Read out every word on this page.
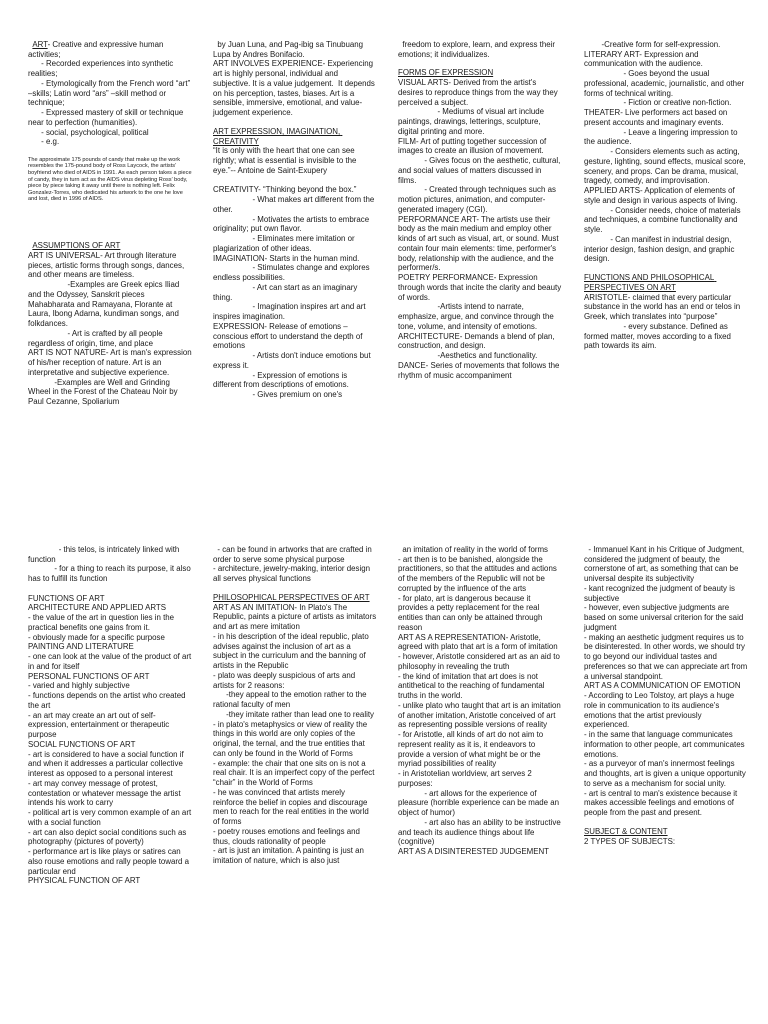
ART- Creative and expressive human activities;
- Recorded experiences into synthetic realities;
- Etymologically from the French word “art” –skills; Latin word “ars” –skill method or technique;
- Expressed mastery of skill or technique near to perfection (humanities).
- social, psychological, political
- e.g.

The approximate 175 pounds of candy that make up the work resembles the 175-pound body of Ross Laycock, the artists’ boyfriend who died of AIDS in 1991. As each person takes a piece of candy, they in turn act as the AIDS virus depleting Ross’ body, piece by piece taking it away until there is nothing left. Felix Gonzalez-Torres, who dedicated his artwork to the one he love and lost, died in 1996 of AIDS.

ASSUMPTIONS OF ART
ART IS UNIVERSAL- Art through literature pieces, artistic forms through songs, dances, and other means are timeless.
-Examples are Greek epics Iliad and the Odyssey, Sanskrit pieces Mahabharata and Ramayana, Florante at Laura, Ibong Adarna, kundiman songs, and folkdances.
- Art is crafted by all people regardless of origin, time, and place
ART IS NOT NATURE- Art is man's expression of his/her reception of nature. Art is an interpretative and subjective experience.
-Examples are Well and Grinding Wheel in the Forest of the Chateau Noir by Paul Cezanne, Spoliarium

by Juan Luna, and Pag-ibig sa Tinubuang Lupa by Andres Bonifacio.
ART INVOLVES EXPERIENCE- Experiencing art is highly personal, individual and subjective. It is a value judgement.  It depends on his perception, tastes, biases. Art is a sensible, immersive, emotional, and value-judgement experience.

ART EXPRESSION, IMAGINATION, CREATIVITY
“It is only with the heart that one can see rightly; what is essential is invisible to the eye.”-- Antoine de Saint-Exupery

CREATIVITY- “Thinking beyond the box.”
- What makes art different from the other.
- Motivates the artists to embrace originality; put own flavor.
- Eliminates mere imitation or plagiarization of other ideas.
IMAGINATION- Starts in the human mind.
- Stimulates change and explores endless possibilities.
- Art can start as an imaginary thing.
- Imagination inspires art and art inspires imagination.
EXPRESSION- Release of emotions – conscious effort to understand the depth of emotions
- Artists don't induce emotions but express it.
- Expression of emotions is different from descriptions of emotions.
- Gives premium on one's

freedom to explore, learn, and express their emotions; it individualizes.

FORMS OF EXPRESSION
VISUAL ARTS- Derived from the artist's desires to reproduce things from the way they perceived a subject.
- Mediums of visual art include paintings, drawings, letterings, sculpture, digital printing and more.
FILM- Art of putting together succession of images to create an illusion of movement.
- Gives focus on the aesthetic, cultural, and social values of matters discussed in films.
- Created through techniques such as motion pictures, animation, and computer-generated imagery (CGI).
PERFORMANCE ART- The artists use their body as the main medium and employ other kinds of art such as visual, art, or sound. Must contain four main elements: time, performer's body, relationship with the audience, and the performer/s.
POETRY PERFORMANCE- Expression through words that incite the clarity and beauty of words.
-Artists intend to narrate, emphasize, argue, and convince through the tone, volume, and intensity of emotions.
ARCHITECTURE- Demands a blend of plan, construction, and design.
-Aesthetics and functionality.
DANCE- Series of movements that follows the rhythm of music accompaniment

-Creative form for self-expression.
LITERARY ART- Expression and communication with the audience.
- Goes beyond the usual professional, academic, journalistic, and other forms of technical writing.
- Fiction or creative non-fiction.
THEATER- Live performers act based on present accounts and imaginary events.
- Leave a lingering impression to the audience.
- Considers elements such as acting, gesture, lighting, sound effects, musical score, scenery, and props. Can be drama, musical, tragedy, comedy, and improvisation.
APPLIED ARTS- Application of elements of style and design in various aspects of living.
- Consider needs, choice of materials and techniques, a combine functionality and style.
- Can manifest in industrial design, interior design, fashion design, and graphic design.

FUNCTIONS AND PHILOSOPHICAL PERSPECTIVES ON ART
ARISTOTLE- claimed that every particular substance in the world has an end or telos in Greek, which translates into “purpose”
- every substance. Defined as formed matter, moves according to a fixed path towards its aim.

- this telos, is intricately linked with function
- for a thing to reach its purpose, it also has to fulfill its function

FUNCTIONS OF ART
ARCHITECTURE AND APPLIED ARTS
- the value of the art in question lies in the practical benefits one gains from it.
- obviously made for a specific purpose
PAINTING AND LITERATURE
- one can look at the value of the product of art in and for itself
PERSONAL FUNCTIONS OF ART
- varied and highly subjective
- functions depends on the artist who created the art
- an art may create an art out of self-expression, entertainment or therapeutic purpose
SOCIAL FUNCTIONS OF ART
- art is considered to have a social function if and when it addresses a particular collective interest as opposed to a personal interest
- art may convey message of protest, contestation or whatever message the artist intends his work to carry
- political art is very common example of an art with a social function
- art can also depict social conditions such as photography (pictures of poverty)
- performance art is like plays or satires can also rouse emotions and rally people toward a particular end
PHYSICAL FUNCTION OF ART

- can be found in artworks that are crafted in order to serve some physical purpose
- architecture, jewelry-making, interior design all serves physical functions

PHILOSOPHICAL PERSPECTIVES OF ART
ART AS AN IMITATION- In Plato's The Republic, paints a picture of artists as imitators and art as mere imitation
- in his description of the ideal republic, plato advises against the inclusion of art as a subject in the curriculum and the banning of artists in the Republic
- plato was deeply suspicious of arts and artists for 2 reasons:
-they appeal to the emotion rather to the rational faculty of men
-they imitate rather than lead one to reality
- in plato's metaphysics or view of reality the things in this world are only copies of the original, the ternal, and the true entities that can only be found in the World of Forms
- example: the chair that one sits on is not a real chair. It is an imperfect copy of the perfect “chair” in the World of Forms
- he was convinced that artists merely reinforce the belief in copies and discourage men to reach for the real entities in the world of forms
- poetry rouses emotions and feelings and thus, clouds rationality of people
- art is just an imitation. A painting is just an imitation of nature, which is also just

an imitation of reality in the world of forms
- art then is to be banished, alongside the practitioners, so that the attitudes and actions of the members of the Republic will not be corrupted by the influence of the arts
- for plato, art is dangerous because it provides a petty replacement for the real entities than can only be attained through reason
ART AS A REPRESENTATION- Aristotle, agreed with plato that art is a form of imitation
- however, Aristotle considered art as an aid to philosophy in revealing the truth
- the kind of imitation that art does is not antithetical to the reaching of fundamental truths in the world.
- unlike plato who taught that art is an imitation of another imitation, Aristotle conceived of art as representing possible versions of reality
- for Aristotle, all kinds of art do not aim to represent reality as it is, it endeavors to provide a version of what might be or the myriad possibilities of reality
- in Aristotelian worldview, art serves 2 purposes:
- art allows for the experience of pleasure (horrible experience can be made an object of humor)
- art also has an ability to be instructive and teach its audience things about life (cognitive)
ART AS A DISINTERESTED JUDGEMENT

- Immanuel Kant in his Critique of Judgment, considered the judgment of beauty, the cornerstone of art, as something that can be universal despite its subjectivity
- kant recognized the judgment of beauty is subjective
- however, even subjective judgments are based on some universal criterion for the said judgment
- making an aesthetic judgment requires us to be disinterested. In other words, we should try to go beyond our individual tastes and preferences so that we can appreciate art from a universal standpoint.
ART AS A COMMUNICATION OF EMOTION
- According to Leo Tolstoy, art plays a huge role in communication to its audience's emotions that the artist previously experienced.
- in the same that language communicates information to other people, art communicates emotions.
- as a purveyor of man's innermost feelings and thoughts, art is given a unique opportunity to serve as a mechanism for social unity.
- art is central to man's existence because it makes accessible feelings and emotions of people from the past and present.

SUBJECT & CONTENT
2 TYPES OF SUBJECTS:
